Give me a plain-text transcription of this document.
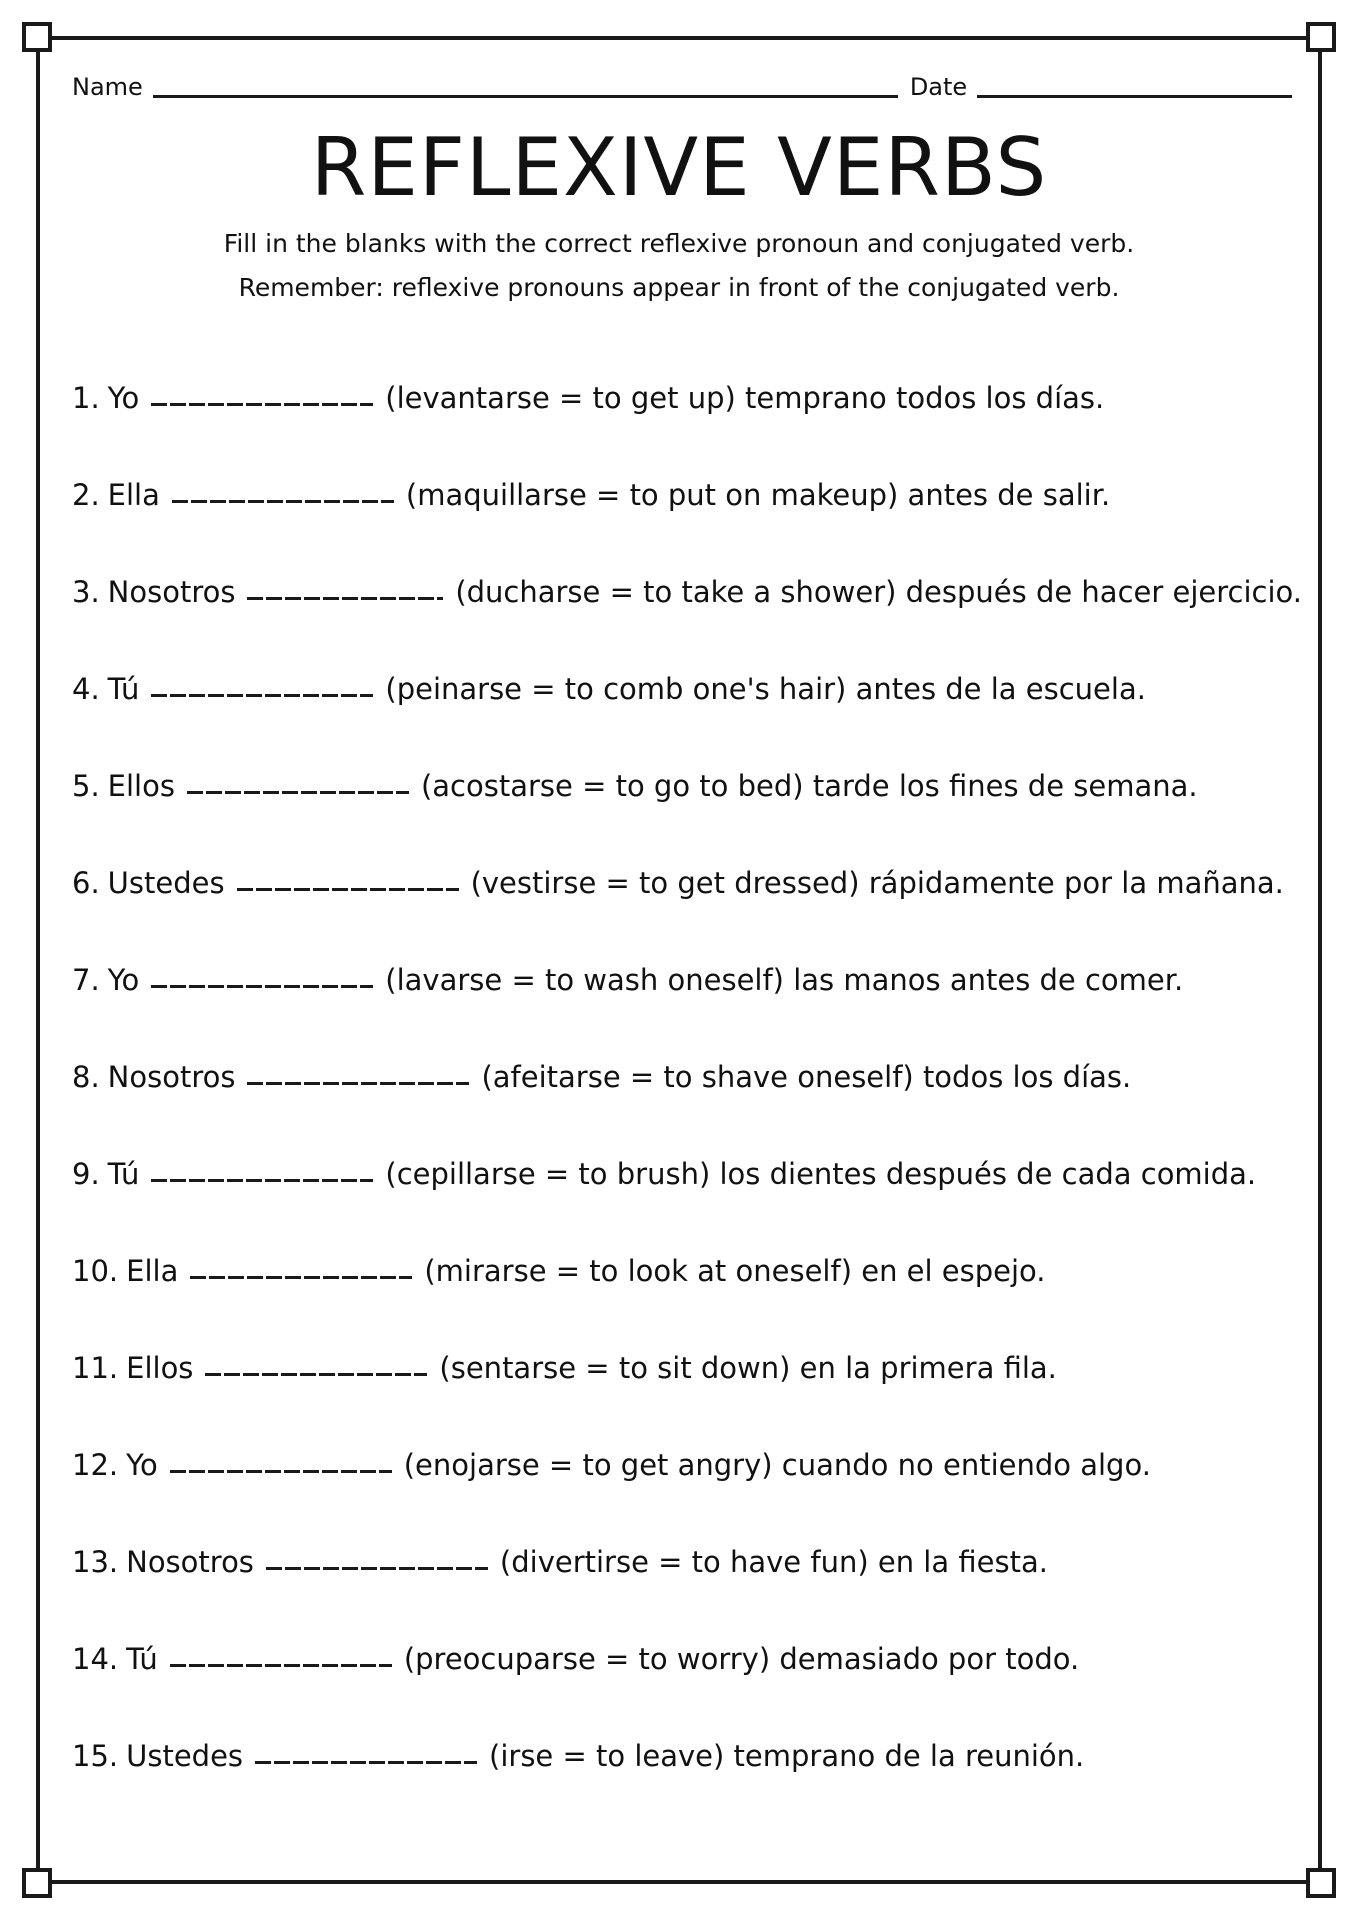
Name	Date
REFLEXIVE VERBS
Fill in the blanks with the correct reflexive pronoun and conjugated verb.
Remember: reflexive pronouns appear in front of the conjugated verb.
1. Yo	(levantarse = to get up) temprano todos los días.
2. Ella	(maquillarse = to put on makeup) antes de salir.
3. Nosotros	(ducharse = to take a shower) después de hacer ejercicio.
4. Tú	(peinarse = to comb one's hair) antes de la escuela.
5. Ellos	(acostarse = to go to bed) tarde los fines de semana.
6. Ustedes	(vestirse = to get dressed) rápidamente por la mañana.
7. Yo	(lavarse = to wash oneself) las manos antes de comer.
8. Nosotros	(afeitarse = to shave oneself) todos los días.
9. Tú	(cepillarse = to brush) los dientes después de cada comida.
10. Ella	(mirarse = to look at oneself) en el espejo.
11. Ellos	(sentarse = to sit down) en la primera fila.
12. Yo	(enojarse = to get angry) cuando no entiendo algo.
13. Nosotros	(divertirse = to have fun) en la fiesta.
14. Tú	(preocuparse = to worry) demasiado por todo.
15. Ustedes	(irse = to leave) temprano de la reunión.
